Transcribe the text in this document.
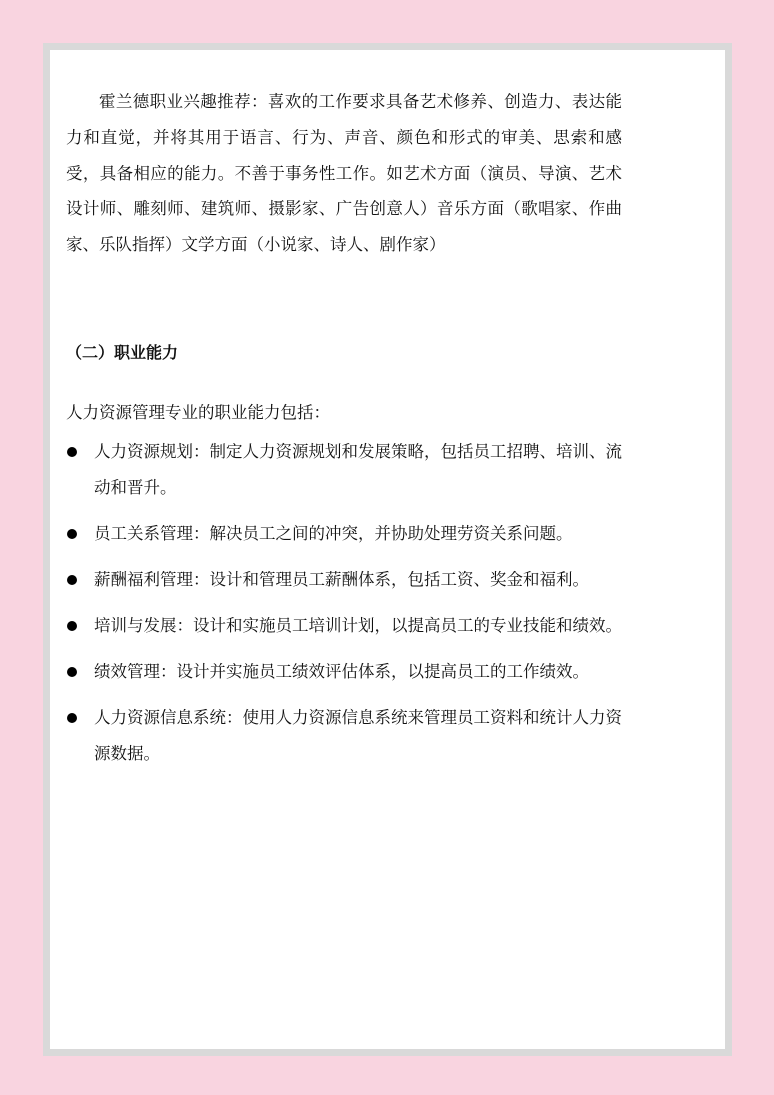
霍兰德职业兴趣推荐：喜欢的工作要求具备艺术修养、创造力、表达能力和直觉，并将其用于语言、行为、声音、颜色和形式的审美、思索和感受，具备相应的能力。不善于事务性工作。如艺术方面（演员、导演、艺术设计师、雕刻师、建筑师、摄影家、广告创意人）音乐方面（歌唱家、作曲家、乐队指挥）文学方面（小说家、诗人、剧作家）

（二）职业能力

人力资源管理专业的职业能力包括：

人力资源规划：制定人力资源规划和发展策略，包括员工招聘、培训、流动和晋升。
员工关系管理：解决员工之间的冲突，并协助处理劳资关系问题。
薪酬福利管理：设计和管理员工薪酬体系，包括工资、奖金和福利。
培训与发展：设计和实施员工培训计划，以提高员工的专业技能和绩效。
绩效管理：设计并实施员工绩效评估体系，以提高员工的工作绩效。
人力资源信息系统：使用人力资源信息系统来管理员工资料和统计人力资源数据。
